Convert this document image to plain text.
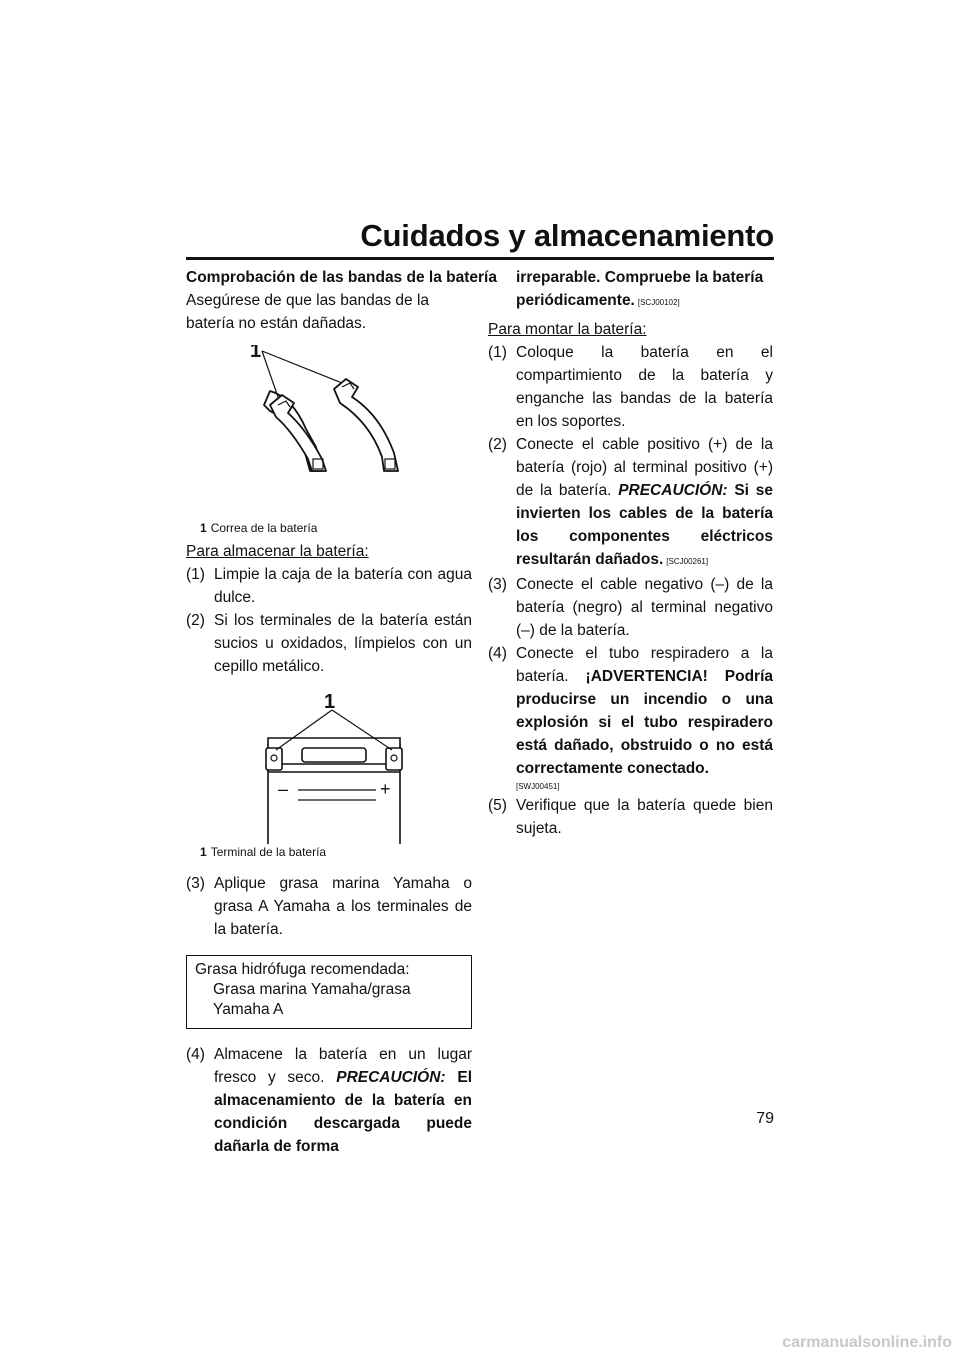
Cuidados y almacenamiento

Comprobación de las bandas de la batería

Asegúrese de que las bandas de la batería no están dañadas.

1

1 Correa de la batería

Para almacenar la batería:

(1) Limpie la caja de la batería con agua dulce.
(2) Si los terminales de la batería están sucios u oxidados, límpielos con un cepillo metálico.
1
–	+

1 Terminal de la batería

(3) Aplique grasa marina Yamaha o grasa A Yamaha a los terminales de la batería.
Grasa hidrófuga recomendada:
Grasa marina Yamaha/grasa Yamaha A
(4) Almacene la batería en un lugar fresco y seco. PRECAUCIÓN: El almacenamiento de la batería en condición descargada puede dañarla de forma

irreparable. Compruebe la batería periódicamente. [SCJ00102]

Para montar la batería:

(1) Coloque la batería en el compartimiento de la batería y enganche las bandas de la batería en los soportes.
(2) Conecte el cable positivo (+) de la batería (rojo) al terminal positivo (+) de la batería. PRECAUCIÓN: Si se invierten los cables de la batería los componentes eléctricos resultarán dañados. [SCJ00261]
(3) Conecte el cable negativo (–) de la batería (negro) al terminal negativo (–) de la batería.
(4) Conecte el tubo respiradero a la batería. ¡ADVERTENCIA! Podría producirse un incendio o una explosión si el tubo respiradero está dañado, obstruido o no está correctamente conectado.
[SWJ00451]
(5) Verifique que la batería quede bien sujeta.

79

carmanualsonline.info
